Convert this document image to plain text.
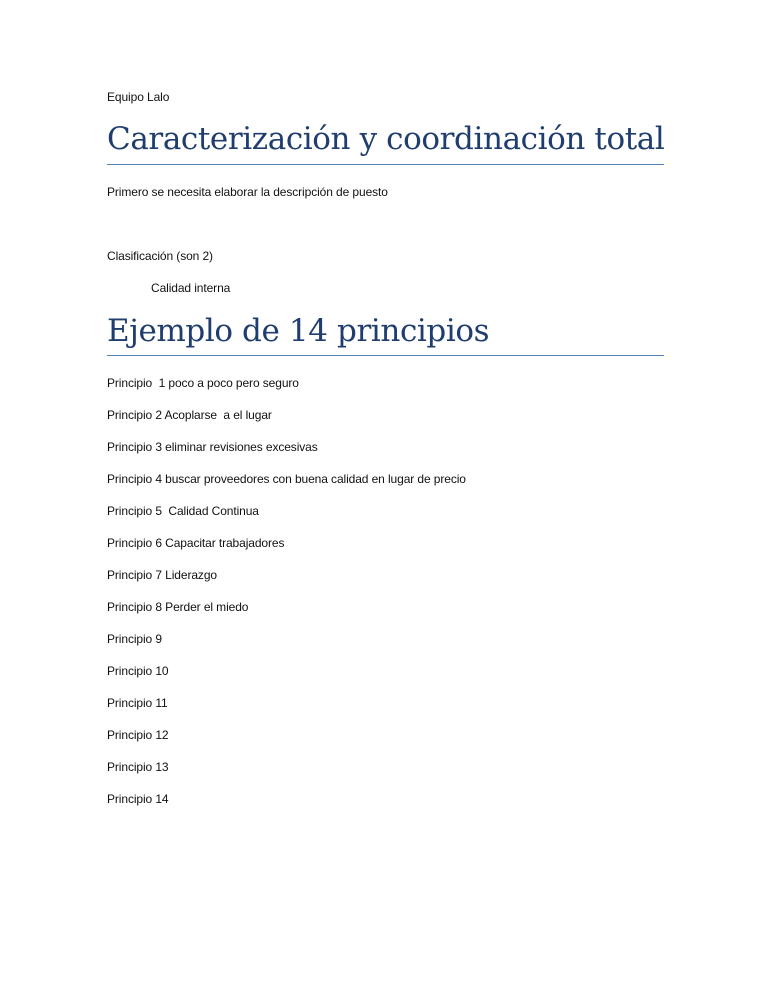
Equipo Lalo
Caracterización y coordinación total
Primero se necesita elaborar la descripción de puesto
Clasificación (son 2)
Calidad interna
Ejemplo de 14 principios
Principio  1 poco a poco pero seguro
Principio 2 Acoplarse  a el lugar
Principio 3 eliminar revisiones excesivas
Principio 4 buscar proveedores con buena calidad en lugar de precio
Principio 5  Calidad Continua
Principio 6 Capacitar trabajadores
Principio 7 Liderazgo
Principio 8 Perder el miedo
Principio 9
Principio 10
Principio 11
Principio 12
Principio 13
Principio 14
